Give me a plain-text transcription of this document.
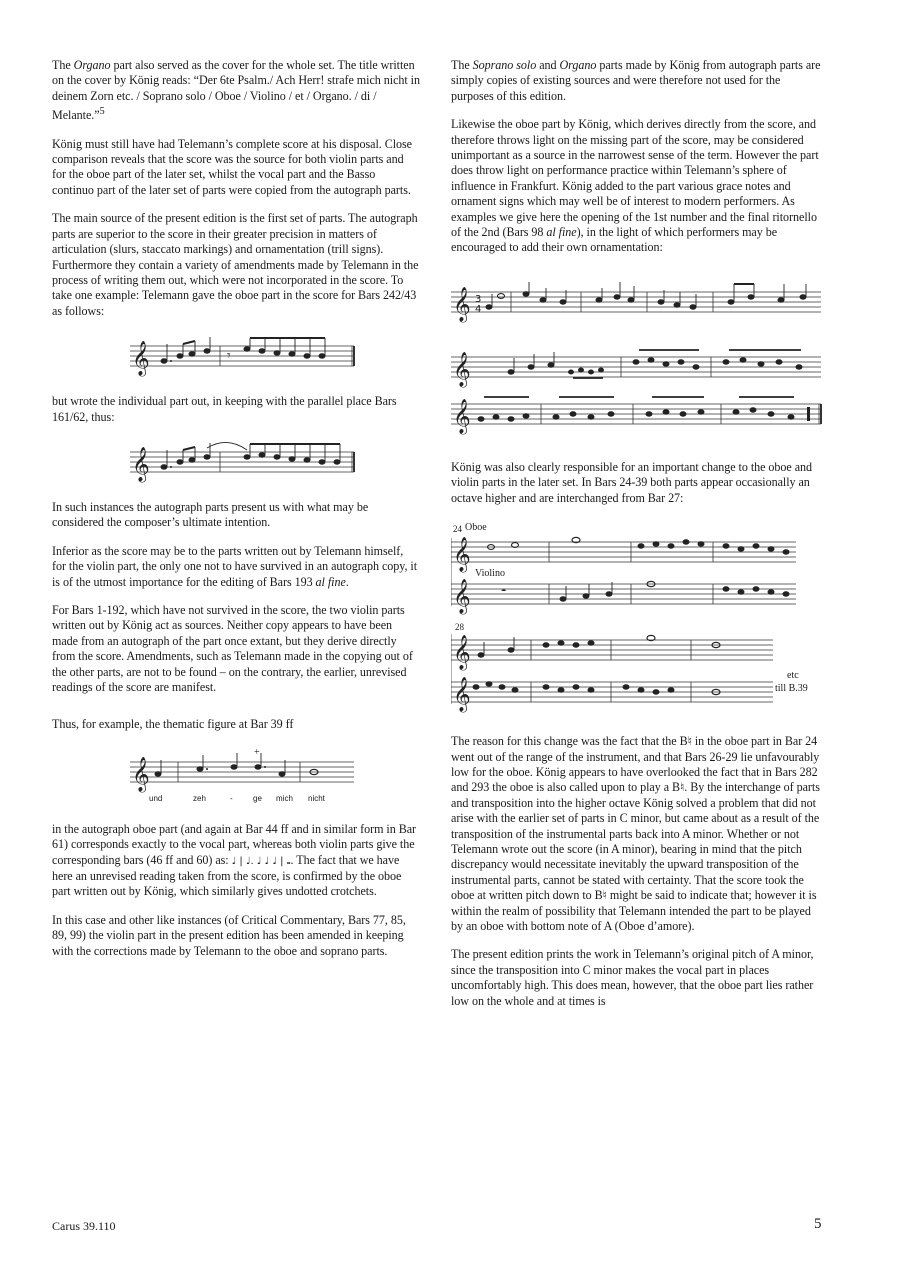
The Organo part also served as the cover for the whole set. The title written on the cover by König reads: “Der 6te Psalm./ Ach Herr! strafe mich nicht in deinem Zorn etc. / Soprano solo / Oboe / Violino / et / Organo. / di / Melante.”$^5$

König must still have had Telemann’s complete score at his disposal. Close comparison reveals that the score was the source for both violin parts and for the oboe part of the later set, whilst the vocal part and the Basso continuo part of the later set of parts were copied from the autograph parts.

The main source of the present edition is the first set of parts. The autograph parts are superior to the score in their greater precision in matters of articulation (slurs, staccato markings) and ornamentation (trill signs). Furthermore they contain a variety of amendments made by Telemann in the process of writing them out, which were not incorporated in the score. To take one example: Telemann gave the oboe part in the score for Bars 242/43 as follows:

𝄞	𝄾

but wrote the individual part out, in keeping with the parallel place Bars 161/62, thus:

𝄞

In such instances the autograph parts present us with what may be considered the composer’s ultimate intention.

Inferior as the score may be to the parts written out by Telemann himself, for the violin part, the only one not to have survived in an autograph copy, it is of the utmost importance for the editing of Bars 193 al fine.

For Bars 1-192, which have not survived in the score, the two violin parts written out by König act as sources. Neither copy appears to have been made from an autograph of the part once extant, but they derive directly from the score. Amendments, such as Telemann made in the copying out of the other parts, are not to be found – on the contrary, the earlier, unrevised readings of the score are manifest.

Thus, for example, the thematic figure at Bar 39 ff

𝄞
+
und	zeh	-	ge mich nicht

in the autograph oboe part (and again at Bar 44 ff and in similar form in Bar 61) corresponds exactly to the vocal part, whereas both violin parts give the corresponding bars (46 ff and 60) as: ♩ | ♩. ♩ ♩ ♩ | 𝅝. The fact that we have here an unrevised reading taken from the score, is confirmed by the oboe part written out by König, which similarly gives undotted crotchets.

In this case and other like instances (of Critical Commentary, Bars 77, 85, 89, 99) the violin part in the present edition has been amended in keeping with the corrections made by Telemann to the oboe and soprano parts.

The Soprano solo and Organo parts made by König from autograph parts are simply copies of existing sources and were therefore not used for the purposes of this edition.

Likewise the oboe part by König, which derives directly from the score, and therefore throws light on the missing part of the score, may be considered unimportant as a source in the narrowest sense of the term. However the part does throw light on performance practice within Telemann’s sphere of influence in Frankfurt. König added to the part various grace notes and ornament signs which may well be of interest to modern performers. As examples we give here the opening of the 1st number and the final ritornello of the 2nd (Bars 98 al fine), in the light of which performers may be encouraged to add their own ornamentation:

𝄞 3
4
𝄞
𝄞

König was also clearly responsible for an important change to the oboe and violin parts in the later set. In Bars 24-39 both parts appear occasionally an octave higher and are interchanged from Bar 27:

𝄞
𝄞
𝄞
𝄞
𝄼
24 Oboe
Violino
28
etc
till B.39

The reason for this change was the fact that the B♮ in the oboe part in Bar 24 went out of the range of the instrument, and that Bars 26-29 lie unfavourably low for the oboe. König appears to have overlooked the fact that in Bars 282 and 293 the oboe is also called upon to play a B♮. By the interchange of parts and transposition into the higher octave König solved a problem that did not arise with the earlier set of parts in C minor, but came about as a result of the transposition of the instrumental parts back into A minor. Whether or not Telemann wrote out the score (in A minor), bearing in mind that the pitch discrepancy would necessitate inevitably the upward transposition of the instrumental parts, cannot be stated with certainty. That the score took the oboe at written pitch down to B♮ might be said to indicate that; however it is within the realm of possibility that Telemann intended the part to be played by an oboe with bottom note of A (Oboe d’amore).

The present edition prints the work in Telemann’s original pitch of A minor, since the transposition into C minor makes the vocal part in places uncomfortably high. This does mean, however, that the oboe part lies rather low on the whole and at times is

Carus 39.110	5
